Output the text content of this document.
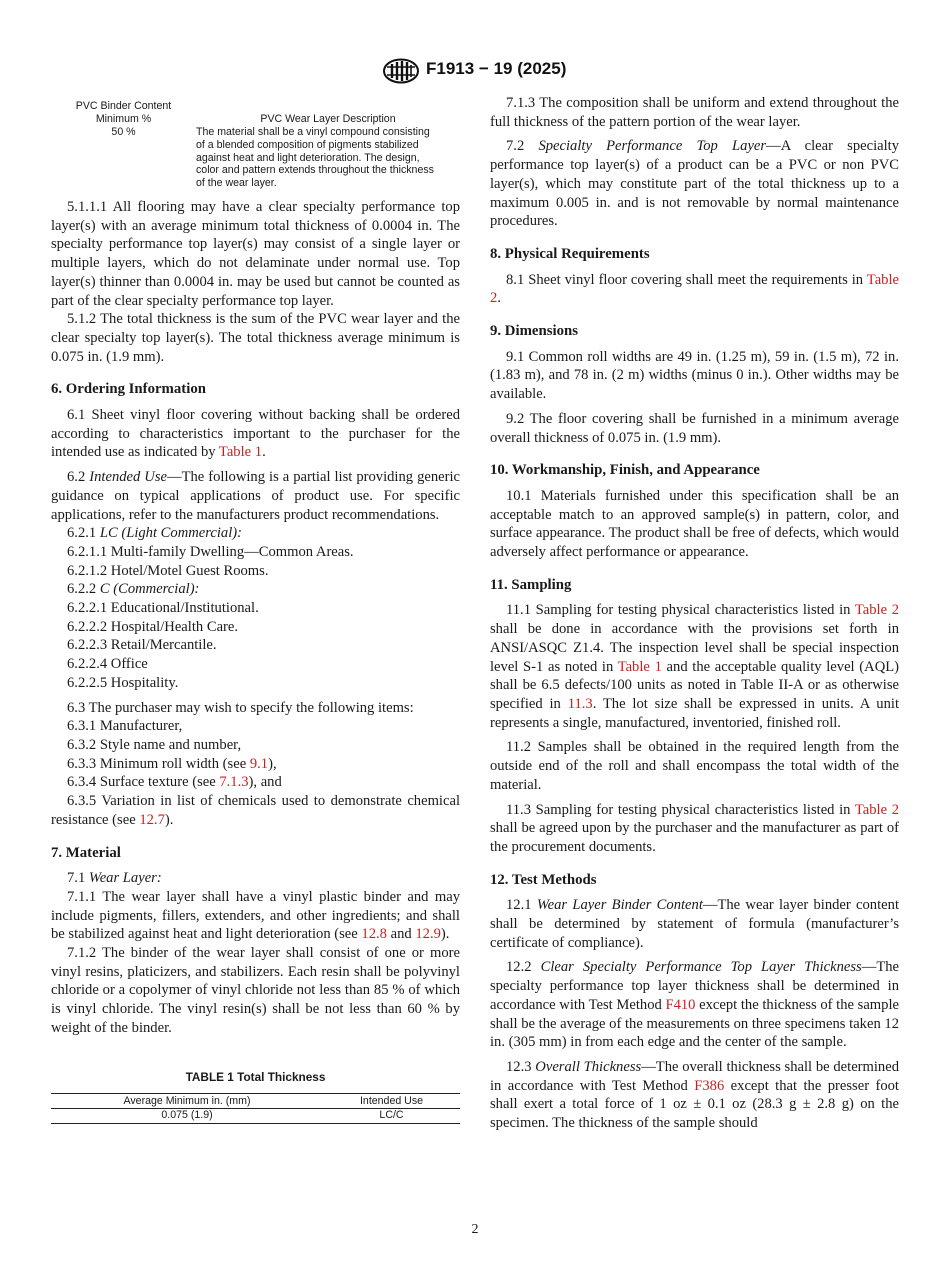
F1913 − 19 (2025)
PVC Binder Content
Minimum %
50 %
PVC Wear Layer Description
The material shall be a vinyl compound consisting
of a blended composition of pigments stabilized
against heat and light deterioration. The design,
color and pattern extends throughout the thickness
of the wear layer.

5.1.1.1 All flooring may have a clear specialty performance top layer(s) with an average minimum total thickness of 0.0004 in. The specialty performance top layer(s) may consist of a single layer or multiple layers, which do not delaminate under normal use. Top layer(s) thinner than 0.0004 in. may be used but cannot be counted as part of the clear specialty performance top layer.

5.1.2 The total thickness is the sum of the PVC wear layer and the clear specialty top layer(s). The total thickness average minimum is 0.075 in. (1.9 mm).

6. Ordering Information

6.1 Sheet vinyl floor covering without backing shall be ordered according to characteristics important to the purchaser for the intended use as indicated by Table 1.

6.2 Intended Use—The following is a partial list providing generic guidance on typical applications of product use. For specific applications, refer to the manufacturers product recommendations.

6.2.1 LC (Light Commercial):

6.2.1.1 Multi-family Dwelling—Common Areas.

6.2.1.2 Hotel/Motel Guest Rooms.

6.2.2 C (Commercial):

6.2.2.1 Educational/Institutional.

6.2.2.2 Hospital/Health Care.

6.2.2.3 Retail/Mercantile.

6.2.2.4 Office

6.2.2.5 Hospitality.

6.3 The purchaser may wish to specify the following items:

6.3.1 Manufacturer,

6.3.2 Style name and number,

6.3.3 Minimum roll width (see 9.1),

6.3.4 Surface texture (see 7.1.3), and

6.3.5 Variation in list of chemicals used to demonstrate chemical resistance (see 12.7).

7. Material

7.1 Wear Layer:

7.1.1 The wear layer shall have a vinyl plastic binder and may include pigments, fillers, extenders, and other ingredients; and shall be stabilized against heat and light deterioration (see 12.8 and 12.9).

7.1.2 The binder of the wear layer shall consist of one or more vinyl resins, platicizers, and stabilizers. Each resin shall be polyvinyl chloride or a copolymer of vinyl chloride not less than 85 % of which is vinyl chloride. The vinyl resin(s) shall be not less than 60 % by weight of the binder.

TABLE 1 Total Thickness
Average Minimum in. (mm)	Intended Use
0.075 (1.9)	LC/C

7.1.3 The composition shall be uniform and extend throughout the full thickness of the pattern portion of the wear layer.

7.2 Specialty Performance Top Layer—A clear specialty performance top layer(s) of a product can be a PVC or non PVC layer(s), which may constitute part of the total thickness up to a maximum 0.005 in. and is not removable by normal maintenance procedures.

8. Physical Requirements

8.1 Sheet vinyl floor covering shall meet the requirements in Table 2.

9. Dimensions

9.1 Common roll widths are 49 in. (1.25 m), 59 in. (1.5 m), 72 in. (1.83 m), and 78 in. (2 m) widths (minus 0 in.). Other widths may be available.

9.2 The floor covering shall be furnished in a minimum average overall thickness of 0.075 in. (1.9 mm).

10. Workmanship, Finish, and Appearance

10.1 Materials furnished under this specification shall be an acceptable match to an approved sample(s) in pattern, color, and surface appearance. The product shall be free of defects, which would adversely affect performance or appearance.

11. Sampling

11.1 Sampling for testing physical characteristics listed in Table 2 shall be done in accordance with the provisions set forth in ANSI/ASQC Z1.4. The inspection level shall be special inspection level S-1 as noted in Table 1 and the acceptable quality level (AQL) shall be 6.5 defects/100 units as noted in Table II-A or as otherwise specified in 11.3. The lot size shall be expressed in units. A unit represents a single, manufactured, inventoried, finished roll.

11.2 Samples shall be obtained in the required length from the outside end of the roll and shall encompass the total width of the material.

11.3 Sampling for testing physical characteristics listed in Table 2 shall be agreed upon by the purchaser and the manufacturer as part of the procurement documents.

12. Test Methods

12.1 Wear Layer Binder Content—The wear layer binder content shall be determined by statement of formula (manufacturer’s certificate of compliance).

12.2 Clear Specialty Performance Top Layer Thickness—The specialty performance top layer thickness shall be determined in accordance with Test Method F410 except the thickness of the sample shall be the average of the measurements on three specimens taken 12 in. (305 mm) in from each edge and the center of the sample.

12.3 Overall Thickness—The overall thickness shall be determined in accordance with Test Method F386 except that the presser foot shall exert a total force of 1 oz ± 0.1 oz (28.3 g ± 2.8 g) on the specimen. The thickness of the sample should

2
